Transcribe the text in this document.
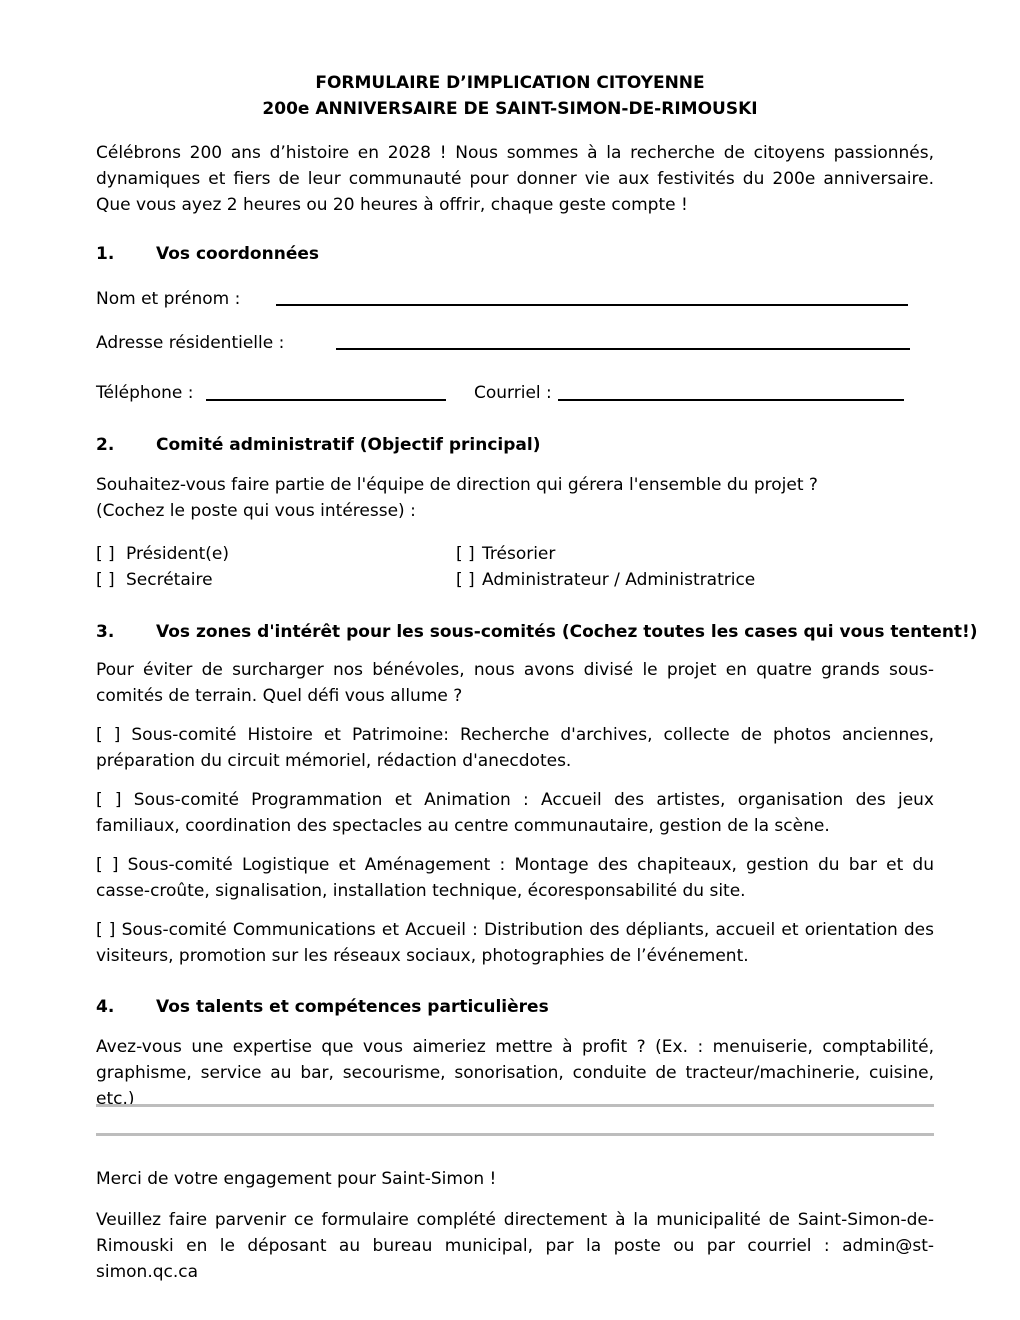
FORMULAIRE D’IMPLICATION CITOYENNE
200e ANNIVERSAIRE DE SAINT-SIMON-DE-RIMOUSKI
Célébrons 200 ans d’histoire en 2028 ! Nous sommes à la recherche de citoyens passionnés, dynamiques et fiers de leur communauté pour donner vie aux festivités du 200e anniversaire. Que vous ayez 2 heures ou 20 heures à offrir, chaque geste compte !
1. Vos coordonnées
Nom et prénom :
Adresse résidentielle :
Téléphone :	Courriel :
2. Comité administratif (Objectif principal)
Souhaitez-vous faire partie de l'équipe de direction qui gérera l'ensemble du projet ?
(Cochez le poste qui vous intéresse) :
[ ] Président(e)
[ ] Secrétaire
[ ] Trésorier
[ ] Administrateur / Administratrice
3. Vos zones d'intérêt pour les sous-comités (Cochez toutes les cases qui vous tentent!)
Pour éviter de surcharger nos bénévoles, nous avons divisé le projet en quatre grands sous-comités de terrain. Quel défi vous allume ?
[ ] Sous-comité Histoire et Patrimoine: Recherche d'archives, collecte de photos anciennes, préparation du circuit mémoriel, rédaction d'anecdotes.
[ ] Sous-comité Programmation et Animation : Accueil des artistes, organisation des jeux familiaux, coordination des spectacles au centre communautaire, gestion de la scène.
[ ] Sous-comité Logistique et Aménagement : Montage des chapiteaux, gestion du bar et du casse-croûte, signalisation, installation technique, écoresponsabilité du site.
[ ] Sous-comité Communications et Accueil : Distribution des dépliants, accueil et orientation des visiteurs, promotion sur les réseaux sociaux, photographies de l’événement.
4. Vos talents et compétences particulières
Avez-vous une expertise que vous aimeriez mettre à profit ? (Ex. : menuiserie, comptabilité, graphisme, service au bar, secourisme, sonorisation, conduite de tracteur/machinerie, cuisine, etc.)
Merci de votre engagement pour Saint-Simon !
Veuillez faire parvenir ce formulaire complété directement à la municipalité de Saint-Simon-de-Rimouski en le déposant au bureau municipal, par la poste ou par courriel : admin@st-simon.qc.ca
